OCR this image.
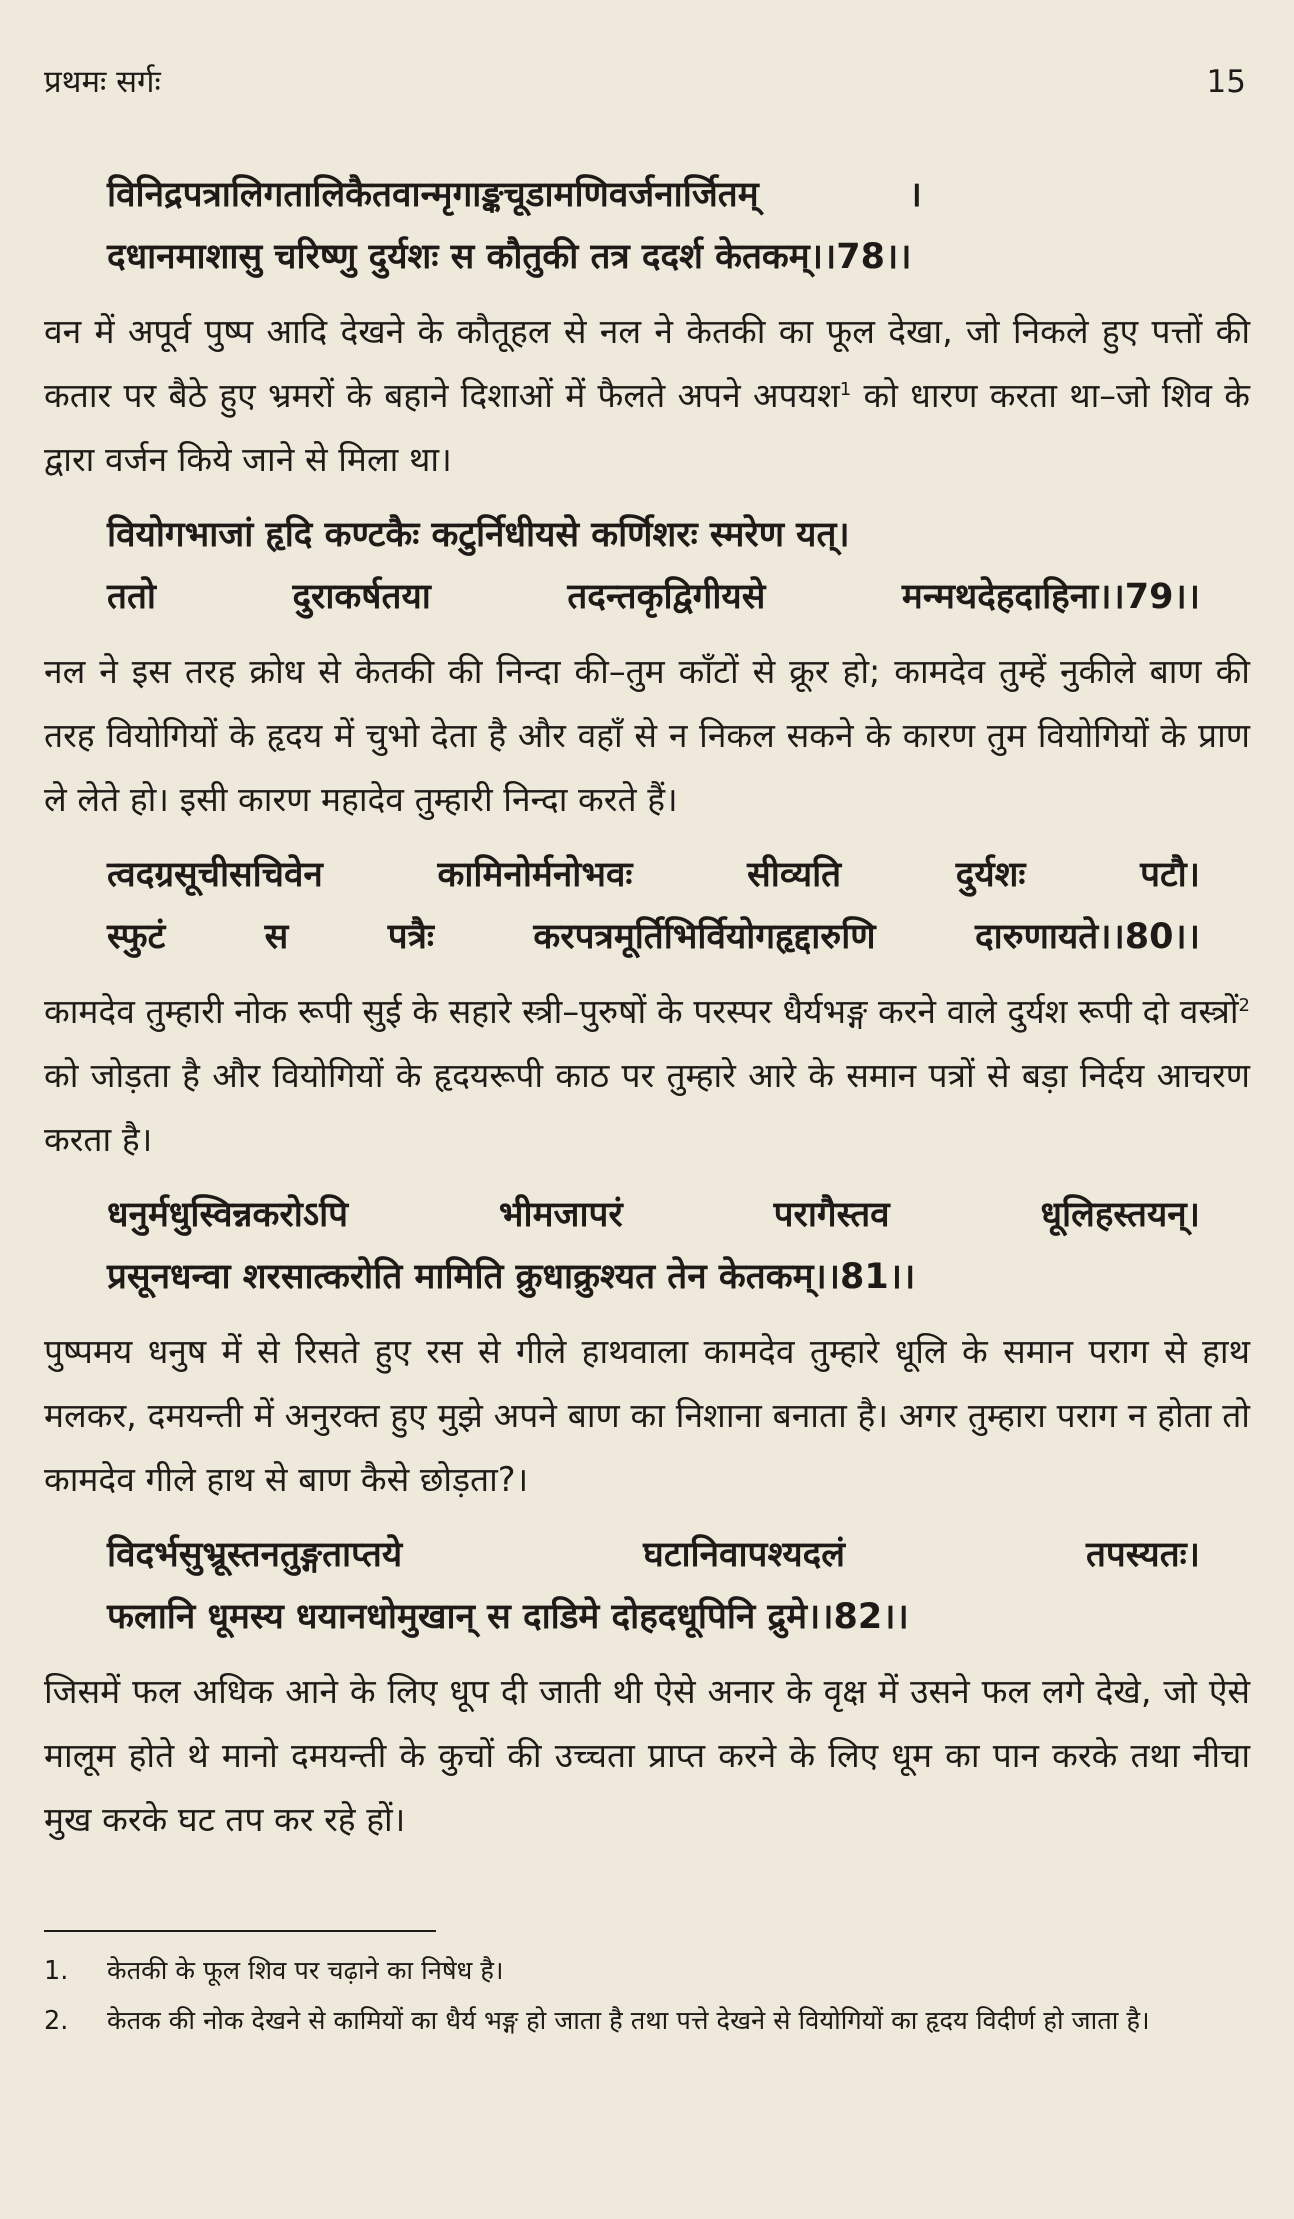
प्रथमः सर्गः	15
विनिद्रपत्रालिगतालिकैतवान्मृगाङ्कचूडामणिवर्जनार्जितम्	।
दधानमाशासु चरिष्णु दुर्यशः स कौतुकी तत्र ददर्श केतकम्।।78।।

वन में अपूर्व पुष्प आदि देखने के कौतूहल से नल ने केतकी का फूल देखा, जो निकले हुए पत्तों की कतार पर बैठे हुए भ्रमरों के बहाने दिशाओं में फैलते अपने अपयश$^1$ को धारण करता था–जो शिव के द्वारा वर्जन किये जाने से मिला था।

वियोगभाजां हृदि कण्टकैः कटुर्निधीयसे कर्णिशरः स्मरेण यत्।
ततो	दुराकर्षतया	तदन्तकृद्विगीयसे	मन्मथदेहदाहिना।।79।।

नल ने इस तरह क्रोध से केतकी की निन्दा की–तुम काँटों से क्रूर हो; कामदेव तुम्हें नुकीले बाण की तरह वियोगियों के हृदय में चुभो देता है और वहाँ से न निकल सकने के कारण तुम वियोगियों के प्राण ले लेते हो। इसी कारण महादेव तुम्हारी निन्दा करते हैं।

त्वदग्रसूचीसचिवेन	कामिनोर्मनोभवः	सीव्यति	दुर्यशः	पटौ।
स्फुटं	स	पत्रैः	करपत्रमूर्तिभिर्वियोगहृद्दारुणि	दारुणायते।।80।।

कामदेव तुम्हारी नोक रूपी सुई के सहारे स्त्री–पुरुषों के परस्पर धैर्यभङ्ग करने वाले दुर्यश रूपी दो वस्त्रों$^2$ को जोड़ता है और वियोगियों के हृदयरूपी काठ पर तुम्हारे आरे के समान पत्रों से बड़ा निर्दय आचरण करता है।

धनुर्मधुस्विन्नकरोऽपि	भीमजापरं	परागैस्तव	धूलिहस्तयन्।
प्रसूनधन्वा शरसात्करोति मामिति क्रुधाक्रुश्यत तेन केतकम्।।81।।

पुष्पमय धनुष में से रिसते हुए रस से गीले हाथवाला कामदेव तुम्हारे धूलि के समान पराग से हाथ मलकर, दमयन्ती में अनुरक्त हुए मुझे अपने बाण का निशाना बनाता है। अगर तुम्हारा पराग न होता तो कामदेव गीले हाथ से बाण कैसे छोड़ता?।

विदर्भसुभ्रूस्तनतुङ्गताप्तये	घटानिवापश्यदलं	तपस्यतः।
फलानि धूमस्य धयानधोमुखान् स दाडिमे दोहदधूपिनि द्रुमे।।82।।

जिसमें फल अधिक आने के लिए धूप दी जाती थी ऐसे अनार के वृक्ष में उसने फल लगे देखे, जो ऐसे मालूम होते थे मानो दमयन्ती के कुचों की उच्चता प्राप्त करने के लिए धूम का पान करके तथा नीचा मुख करके घट तप कर रहे हों।

1.	केतकी के फूल शिव पर चढ़ाने का निषेध है।
2.	केतक की नोक देखने से कामियों का धैर्य भङ्ग हो जाता है तथा पत्ते देखने से वियोगियों का हृदय विदीर्ण हो जाता है।
